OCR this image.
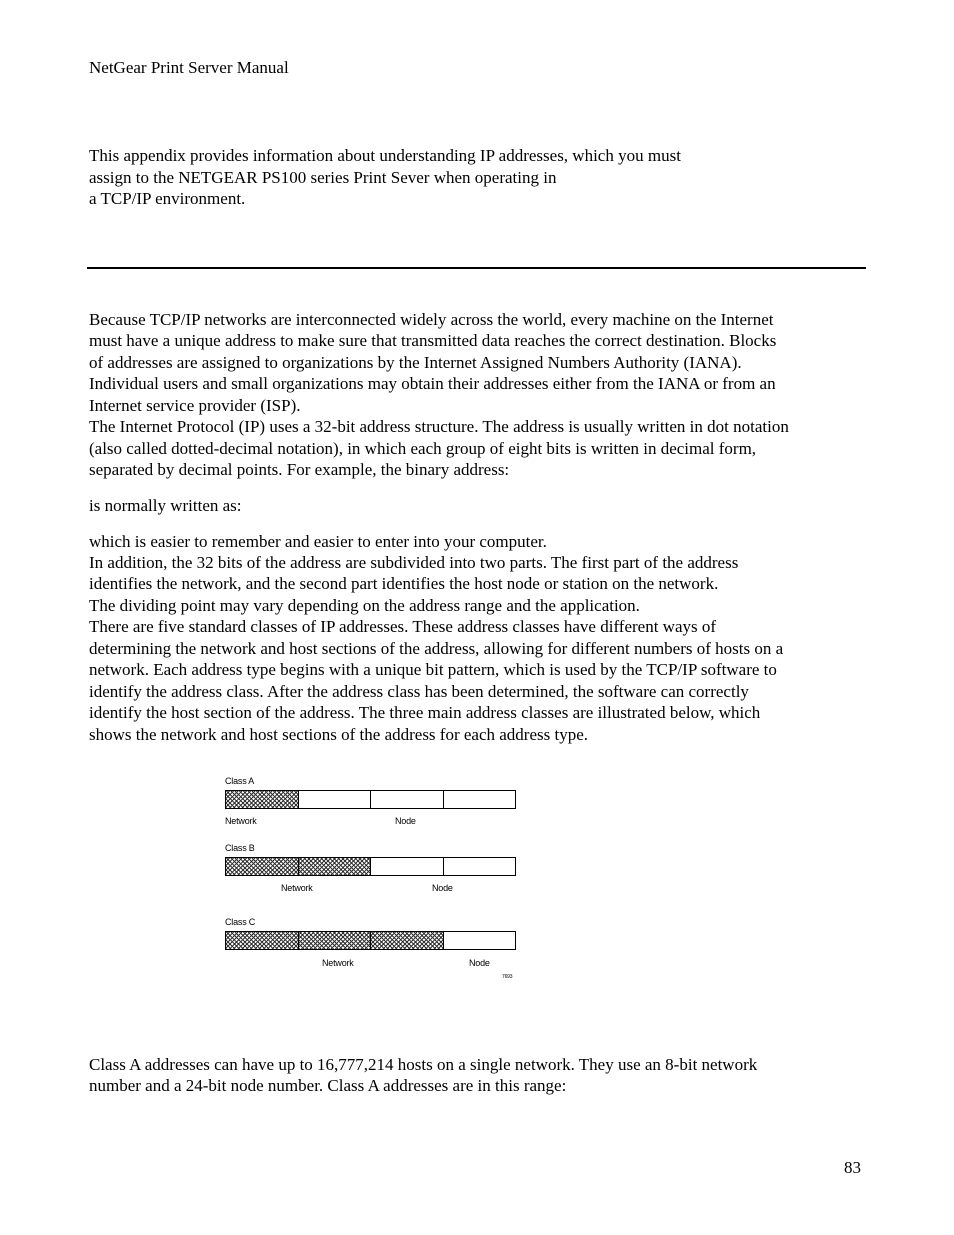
NetGear Print Server Manual
This appendix provides information about understanding IP addresses, which you must
assign to the NETGEAR PS100 series Print Sever when operating in
a TCP/IP environment.
Because TCP/IP networks are interconnected widely across the world, every machine on the Internet
must have a unique address to make sure that transmitted data reaches the correct destination. Blocks
of addresses are assigned to organizations by the Internet Assigned Numbers Authority (IANA).
Individual users and small organizations may obtain their addresses either from the IANA or from an
Internet service provider (ISP).
The Internet Protocol (IP) uses a 32-bit address structure. The address is usually written in dot notation
(also called dotted-decimal notation), in which each group of eight bits is written in decimal form,
separated by decimal points. For example, the binary address:
is normally written as:
which is easier to remember and easier to enter into your computer.
In addition, the 32 bits of the address are subdivided into two parts. The first part of the address
identifies the network, and the second part identifies the host node or station on the network.
The dividing point may vary depending on the address range and the application.
There are five standard classes of IP addresses. These address classes have different ways of
determining the network and host sections of the address, allowing for different numbers of hosts on a
network. Each address type begins with a unique bit pattern, which is used by the TCP/IP software to
identify the address class. After the address class has been determined, the software can correctly
identify the host section of the address. The three main address classes are illustrated below, which
shows the network and host sections of the address for each address type.
Class A
Network	Node
Class B
Network	Node
Class C
Network	Node
7693
Class A addresses can have up to 16,777,214 hosts on a single network. They use an 8-bit network
number and a 24-bit node number. Class A addresses are in this range:
83
